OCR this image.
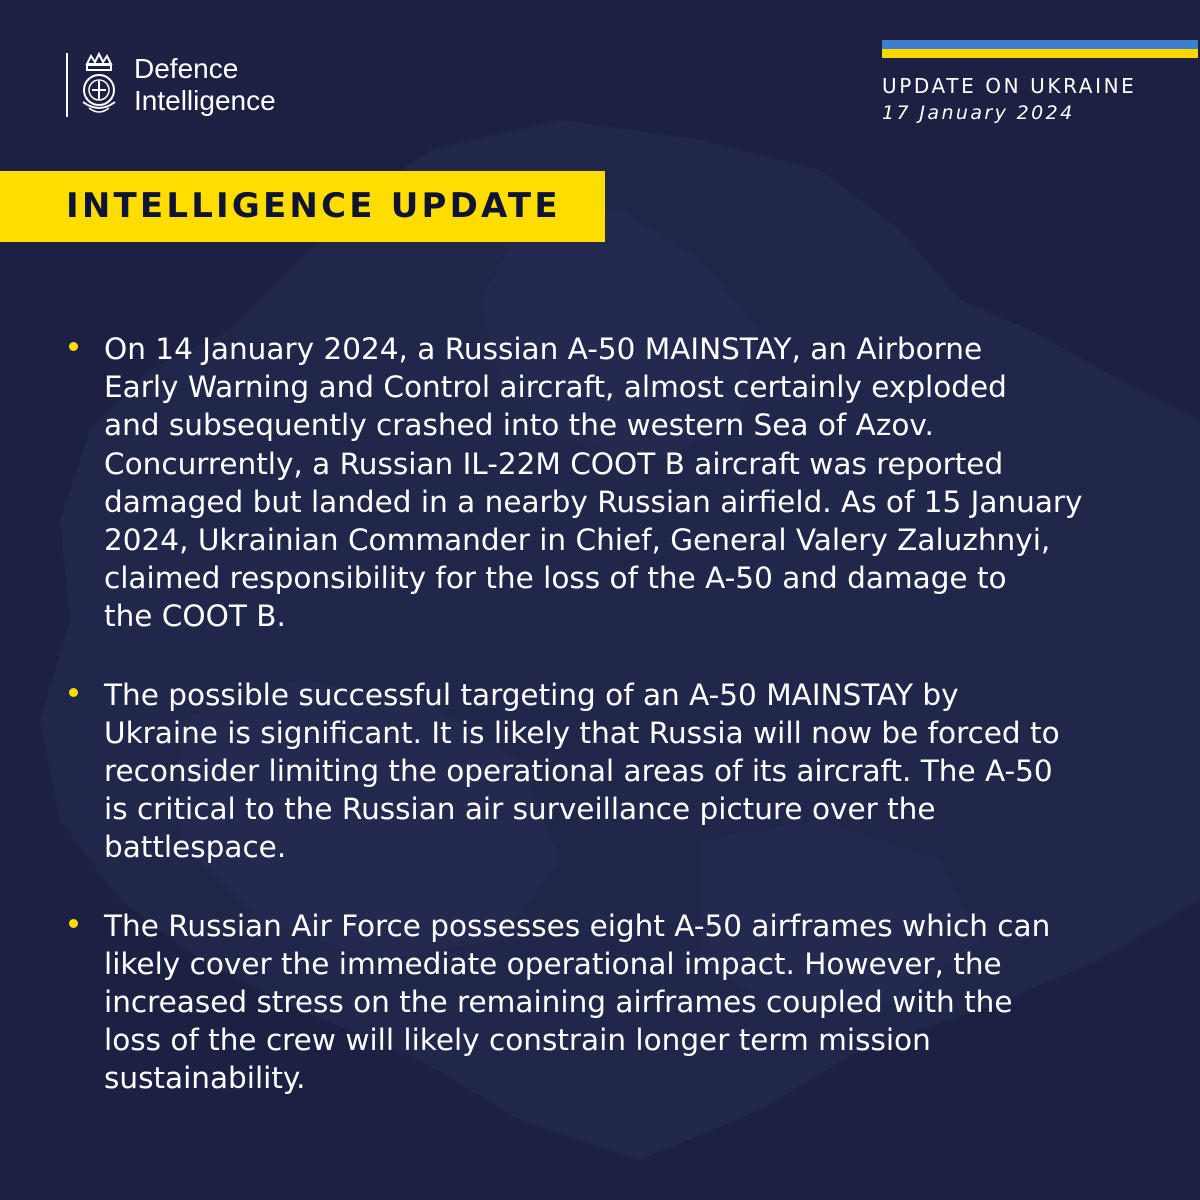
Defence
Intelligence	UPDATE ON UKRAINE
17 January 2024
INTELLIGENCE UPDATE
On 14 January 2024, a Russian A-50 MAINSTAY, an Airborne
Early Warning and Control aircraft, almost certainly exploded
and subsequently crashed into the western Sea of Azov.
Concurrently, a Russian IL-22M COOT B aircraft was reported
damaged but landed in a nearby Russian airfield. As of 15 January
2024, Ukrainian Commander in Chief, General Valery Zaluzhnyi,
claimed responsibility for the loss of the A-50 and damage to
the COOT B.
The possible successful targeting of an A-50 MAINSTAY by
Ukraine is significant. It is likely that Russia will now be forced to
reconsider limiting the operational areas of its aircraft. The A-50
is critical to the Russian air surveillance picture over the
battlespace.
The Russian Air Force possesses eight A-50 airframes which can
likely cover the immediate operational impact. However, the
increased stress on the remaining airframes coupled with the
loss of the crew will likely constrain longer term mission
sustainability.
